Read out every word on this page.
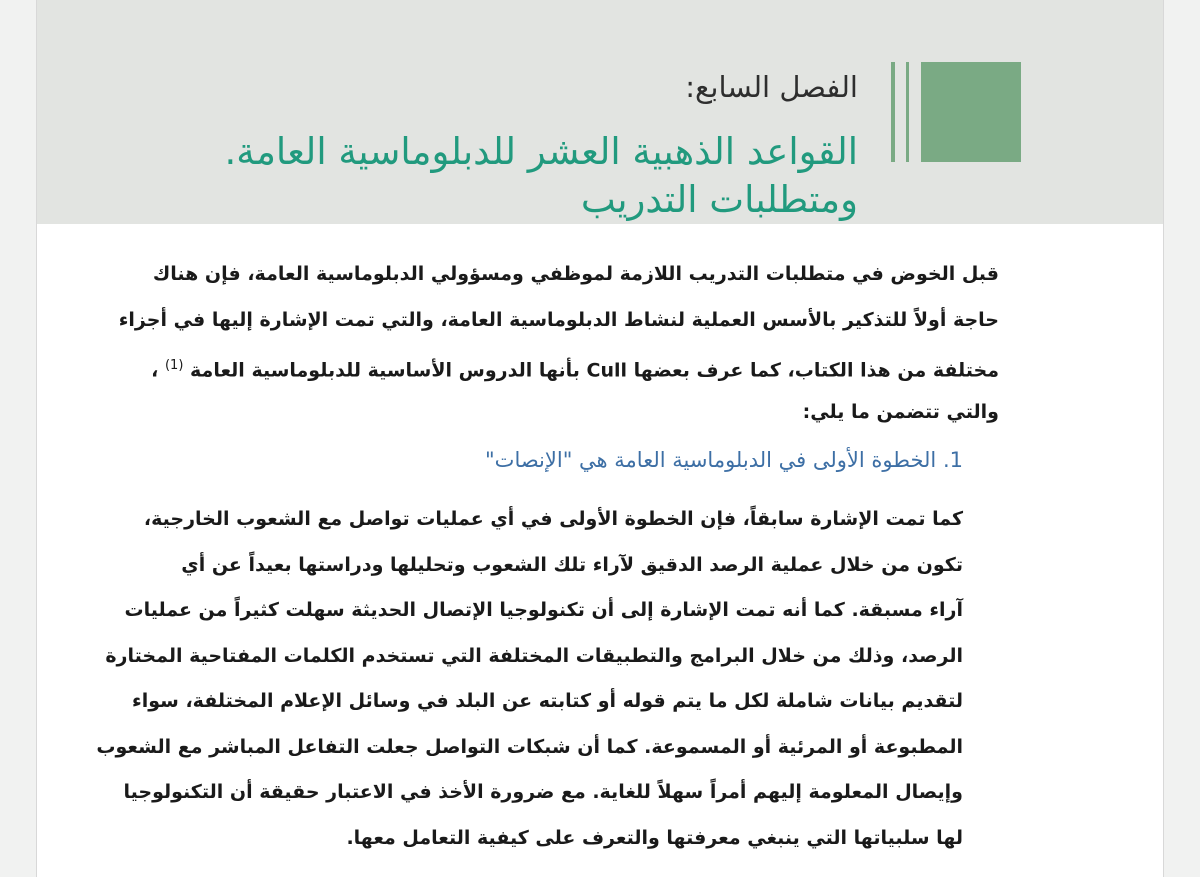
الفصل السابع:
القواعد الذهبية العشر للدبلوماسية العامة.
ومتطلبات التدريب
قبل الخوض في متطلبات التدريب اللازمة لموظفي ومسؤولي الدبلوماسية العامة، فإن هناك
حاجة أولاً للتذكير بالأسس العملية لنشاط الدبلوماسية العامة، والتي تمت الإشارة إليها في أجزاء
مختلفة من هذا الكتاب، كما عرف بعضها Cull بأنها الدروس الأساسية للدبلوماسية العامة $^{(1)}$ ،
والتي تتضمن ما يلي:
1. الخطوة الأولى في الدبلوماسية العامة هي "الإنصات"
كما تمت الإشارة سابقاً، فإن الخطوة الأولى في أي عمليات تواصل مع الشعوب الخارجية،
تكون من خلال عملية الرصد الدقيق لآراء تلك الشعوب وتحليلها ودراستها بعيداً عن أي
آراء مسبقة. كما أنه تمت الإشارة إلى أن تكنولوجيا الإتصال الحديثة سهلت كثيراً من عمليات
الرصد، وذلك من خلال البرامج والتطبيقات المختلفة التي تستخدم الكلمات المفتاحية المختارة
لتقديم بيانات شاملة لكل ما يتم قوله أو كتابته عن البلد في وسائل الإعلام المختلفة، سواء
المطبوعة أو المرئية أو المسموعة. كما أن شبكات التواصل جعلت التفاعل المباشر مع الشعوب
وإيصال المعلومة إليهم أمراً سهلاً للغاية. مع ضرورة الأخذ في الاعتبار حقيقة أن التكنولوجيا
لها سلبياتها التي ينبغي معرفتها والتعرف على كيفية التعامل معها.
